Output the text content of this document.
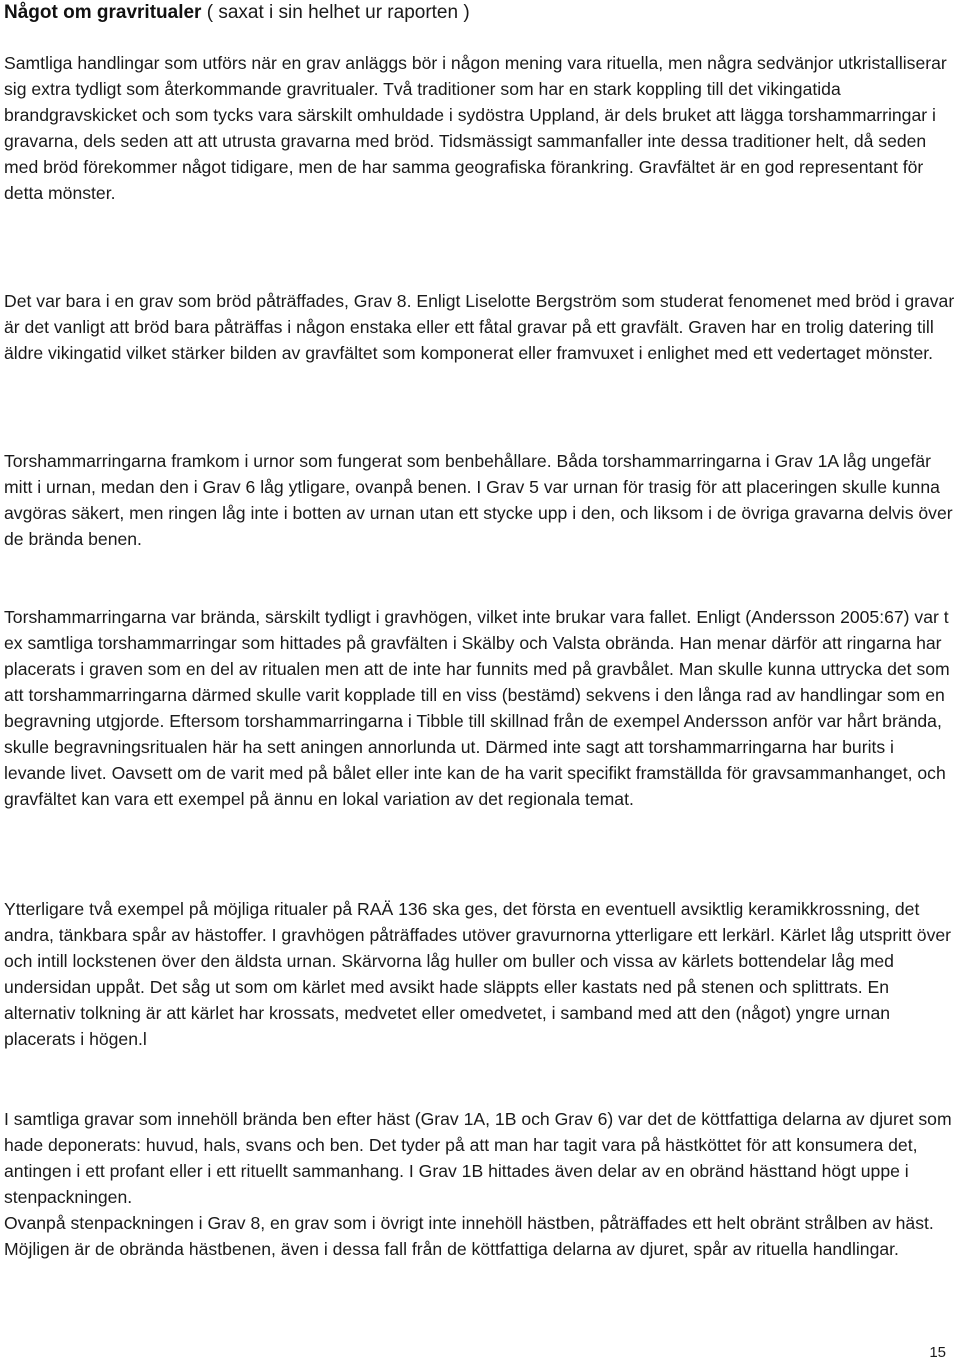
Något om gravritualer ( saxat i sin helhet ur raporten )

Samtliga handlingar som utförs när en grav anläggs bör i någon mening vara rituella, men några sedvänjor utkristalliserar sig extra tydligt som återkommande gravritualer. Två traditioner som har en stark koppling till det vikingatida brandgravskicket och som tycks vara särskilt omhuldade i sydöstra Uppland, är dels bruket att lägga torshammarringar i gravarna, dels seden att att utrusta gravarna med bröd. Tidsmässigt sammanfaller inte dessa traditioner helt, då seden med bröd förekommer något tidigare, men de har samma geografiska förankring. Gravfältet är en god representant för detta mönster.

Det var bara i en grav som bröd påträffades, Grav 8. Enligt Liselotte Bergström som studerat fenomenet med bröd i gravar är det vanligt att bröd bara påträffas i någon enstaka eller ett fåtal gravar på ett gravfält. Graven har en trolig datering till äldre vikingatid vilket stärker bilden av gravfältet som komponerat eller framvuxet i enlighet med ett vedertaget mönster.

Torshammarringarna framkom i urnor som fungerat som benbehållare. Båda torshammarringarna i Grav 1A låg ungefär mitt i urnan, medan den i Grav 6 låg ytligare, ovanpå benen. I Grav 5 var urnan för trasig för att placeringen skulle kunna avgöras säkert, men ringen låg inte i botten av urnan utan ett stycke upp i den, och liksom i de övriga gravarna delvis över de brända benen.

Torshammarringarna var brända, särskilt tydligt i gravhögen, vilket inte brukar vara fallet. Enligt (Andersson 2005:67) var t ex samtliga torshammarringar som hittades på gravfälten i Skälby och Valsta obrända. Han menar därför att ringarna har placerats i graven som en del av ritualen men att de inte har funnits med på gravbålet. Man skulle kunna uttrycka det som att torshammarringarna därmed skulle varit kopplade till en viss (bestämd) sekvens i den långa rad av handlingar som en begravning utgjorde. Eftersom torshammarringarna i Tibble till skillnad från de exempel Andersson anför var hårt brända, skulle begravningsritualen här ha sett aningen annorlunda ut. Därmed inte sagt att torshammarringarna har burits i levande livet. Oavsett om de varit med på bålet eller inte kan de ha varit specifikt framställda för gravsammanhanget, och gravfältet kan vara ett exempel på ännu en lokal variation av det regionala temat.

Ytterligare två exempel på möjliga ritualer på RAÄ 136 ska ges, det första en eventuell avsiktlig keramikkrossning, det andra, tänkbara spår av hästoffer. I gravhögen påträffades utöver gravurnorna ytterligare ett lerkärl. Kärlet låg utspritt över och intill lockstenen över den äldsta urnan. Skärvorna låg huller om buller och vissa av kärlets bottendelar låg med undersidan uppåt. Det såg ut som om kärlet med avsikt hade släppts eller kastats ned på stenen och splittrats. En alternativ tolkning är att kärlet har krossats, medvetet eller omedvetet, i samband med att den (något) yngre urnan placerats i högen.l

I samtliga gravar som innehöll brända ben efter häst (Grav 1A, 1B och Grav 6) var det de köttfattiga delarna av djuret som hade deponerats: huvud, hals, svans och ben. Det tyder på att man har tagit vara på hästköttet för att konsumera det, antingen i ett profant eller i ett rituellt sammanhang. I Grav 1B hittades även delar av en obränd hästtand högt uppe i stenpackningen.
Ovanpå stenpackningen i Grav 8, en grav som i övrigt inte innehöll hästben, påträffades ett helt obränt strålben av häst. Möjligen är de obrända hästbenen, även i dessa fall från de köttfattiga delarna av djuret, spår av rituella handlingar.

15
